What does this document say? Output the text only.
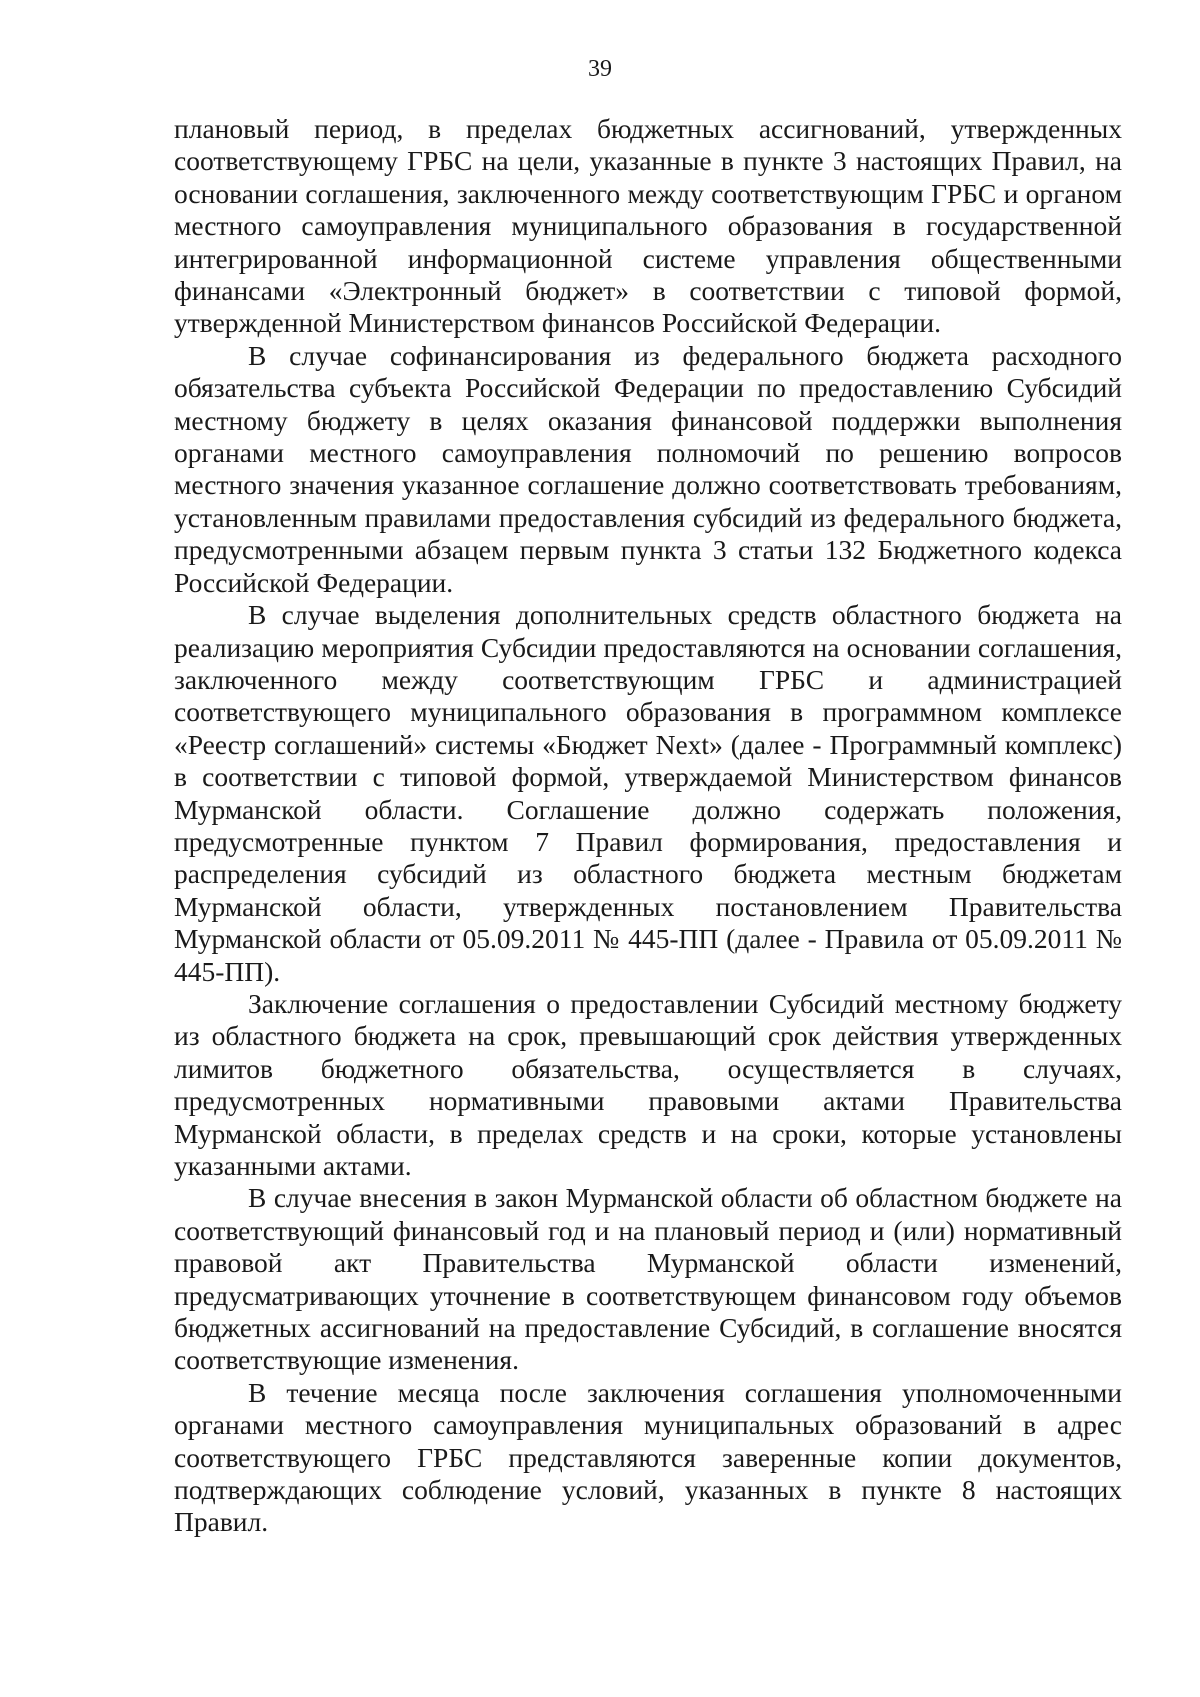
39

плановый период, в пределах бюджетных ассигнований, утвержденных соответствующему ГРБС на цели, указанные в пункте 3 настоящих Правил, на основании соглашения, заключенного между соответствующим ГРБС и органом местного самоуправления муниципального образования в государственной интегрированной информационной системе управления общественными финансами «Электронный бюджет» в соответствии с типовой формой, утвержденной Министерством финансов Российской Федерации.

В случае софинансирования из федерального бюджета расходного обязательства субъекта Российской Федерации по предоставлению Субсидий местному бюджету в целях оказания финансовой поддержки выполнения органами местного самоуправления полномочий по решению вопросов местного значения указанное соглашение должно соответствовать требованиям, установленным правилами предоставления субсидий из федерального бюджета, предусмотренными абзацем первым пункта 3 статьи 132 Бюджетного кодекса Российской Федерации.

В случае выделения дополнительных средств областного бюджета на реализацию мероприятия Субсидии предоставляются на основании соглашения, заключенного между соответствующим ГРБС и администрацией соответствующего муниципального образования в программном комплексе «Реестр соглашений» системы «Бюджет Next» (далее - Программный комплекс) в соответствии с типовой формой, утверждаемой Министерством финансов Мурманской области. Соглашение должно содержать положения, предусмотренные пунктом 7 Правил формирования, предоставления и распределения субсидий из областного бюджета местным бюджетам Мурманской области, утвержденных постановлением Правительства Мурманской области от 05.09.2011 № 445-ПП (далее - Правила от 05.09.2011 № 445-ПП).

Заключение соглашения о предоставлении Субсидий местному бюджету из областного бюджета на срок, превышающий срок действия утвержденных лимитов бюджетного обязательства, осуществляется в случаях, предусмотренных нормативными правовыми актами Правительства Мурманской области, в пределах средств и на сроки, которые установлены указанными актами.

В случае внесения в закон Мурманской области об областном бюджете на соответствующий финансовый год и на плановый период и (или) нормативный правовой акт Правительства Мурманской области изменений, предусматривающих уточнение в соответствующем финансовом году объемов бюджетных ассигнований на предоставление Субсидий, в соглашение вносятся соответствующие изменения.

В течение месяца после заключения соглашения уполномоченными органами местного самоуправления муниципальных образований в адрес соответствующего ГРБС представляются заверенные копии документов, подтверждающих соблюдение условий, указанных в пункте 8 настоящих Правил.
